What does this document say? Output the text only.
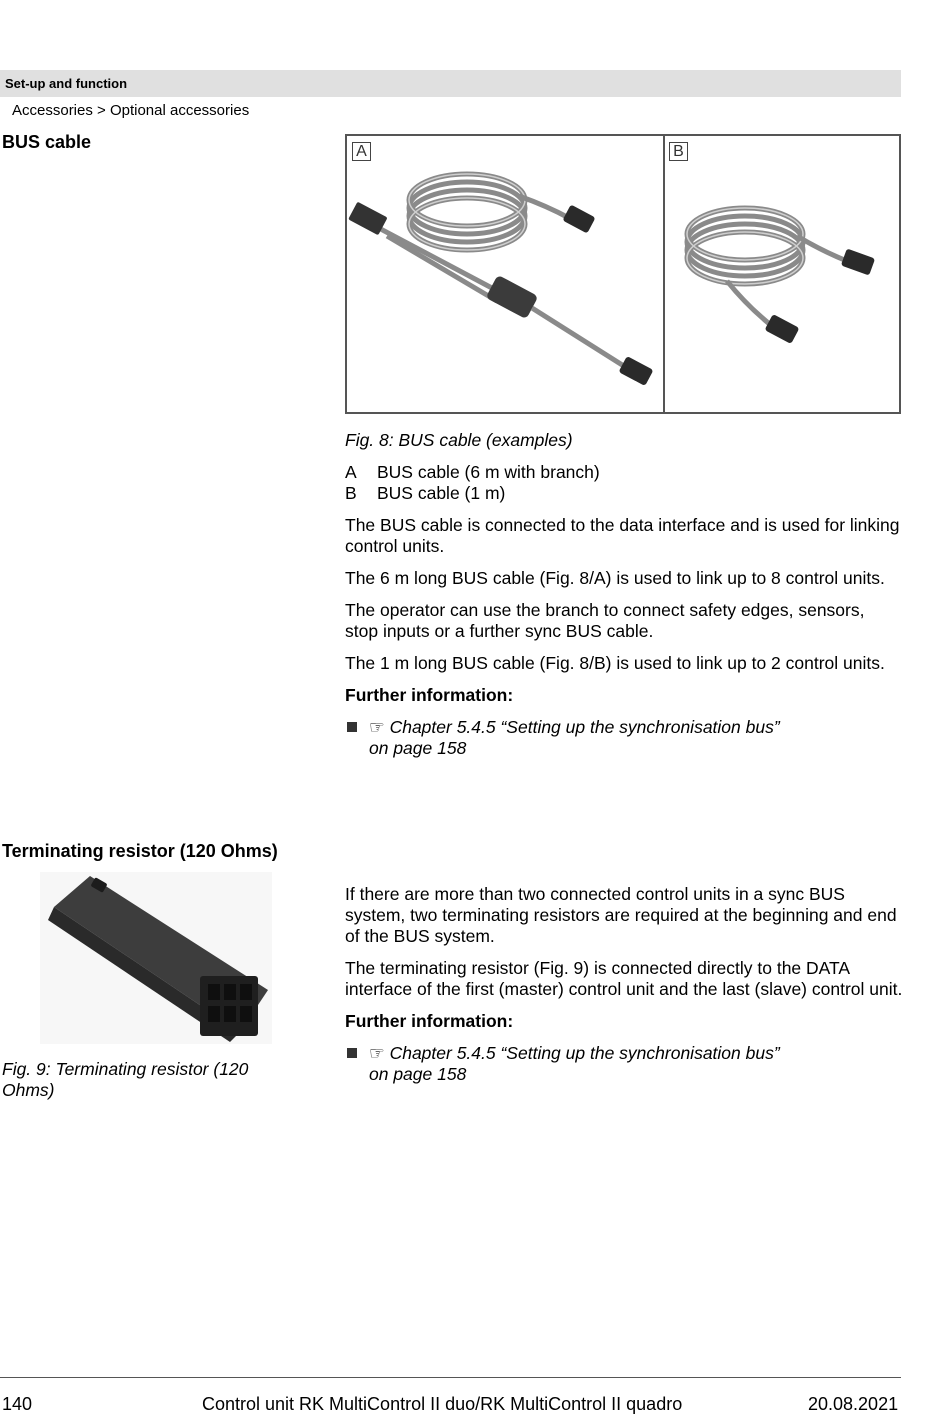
Set-up and function
Accessories > Optional accessories
BUS cable	A	B
Fig. 8: BUS cable (examples)
A	BUS cable (6 m with branch)
B	BUS cable (1 m)

The BUS cable is connected to the data interface and is used for linking control units.

The 6 m long BUS cable (Fig. 8/A) is used to link up to 8 control units.

The operator can use the branch to connect safety edges, sensors, stop inputs or a further sync BUS cable.

The 1 m long BUS cable (Fig. 8/B) is used to link up to 2 control units.

Further information:

☞ Chapter 5.4.5 “Setting up the synchronisation bus”
on page 158
Terminating resistor (120 Ohms)
Fig. 9: Terminating resistor (120 Ohms)

If there are more than two connected control units in a sync BUS system, two terminating resistors are required at the beginning and end of the BUS system.

The terminating resistor (Fig. 9) is connected directly to the DATA interface of the first (master) control unit and the last (slave) control unit.

Further information:

☞ Chapter 5.4.5 “Setting up the synchronisation bus”
on page 158
140	Control unit RK MultiControl II duo/RK MultiControl II quadro	20.08.2021
